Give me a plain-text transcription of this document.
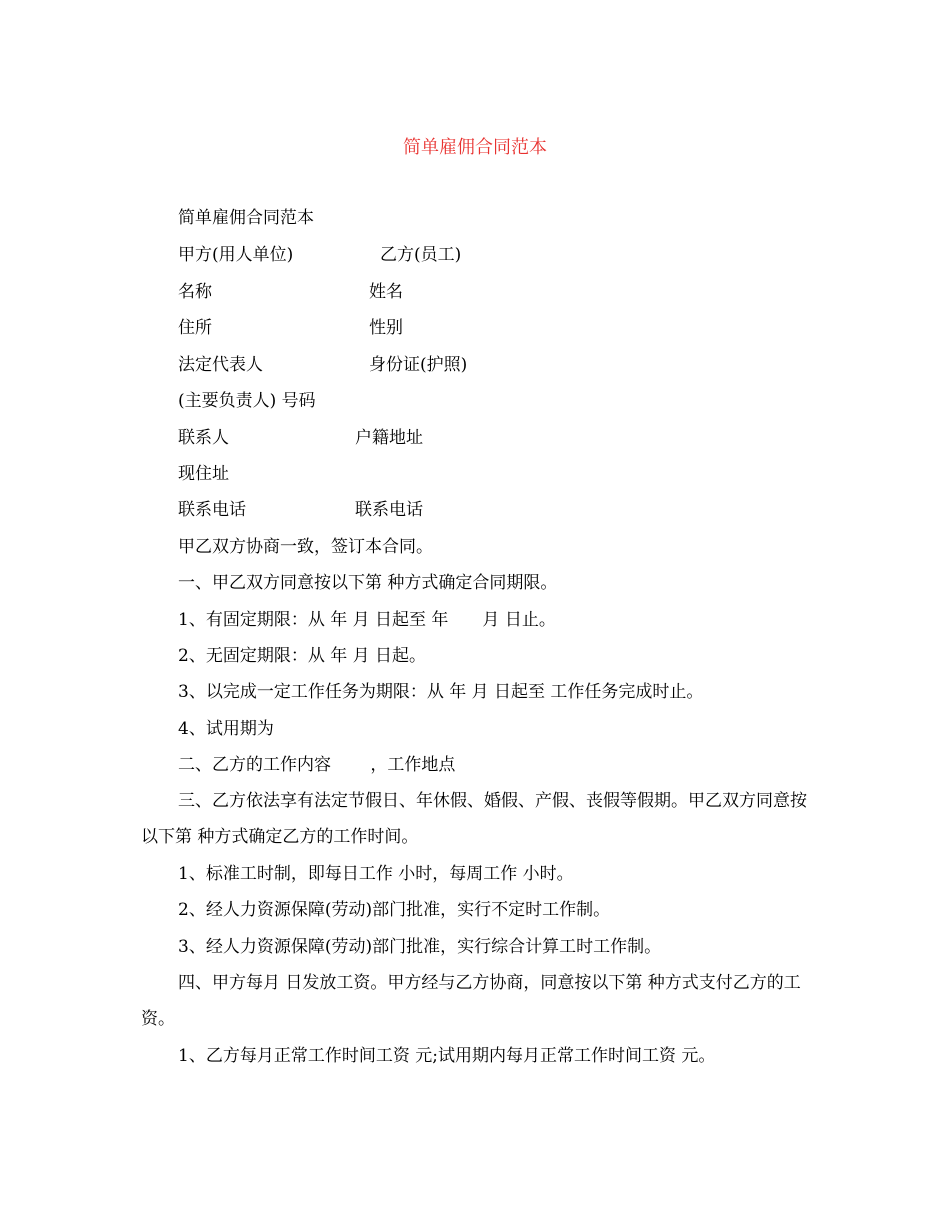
简单雇佣合同范本
简单雇佣合同范本
甲方(用人单位)	乙方(员工)
名称	姓名
住所	性别
法定代表人	身份证(护照)
(主要负责人) 号码
联系人	户籍地址
现住址
联系电话	联系电话
甲乙双方协商一致，签订本合同。
一、甲乙双方同意按以下第 种方式确定合同期限。
1、有固定期限：从 年 月 日起至 年　　月 日止。
2、无固定期限：从 年 月 日起。
3、以完成一定工作任务为期限：从 年 月 日起至 工作任务完成时止。
4、试用期为
二、乙方的工作内容　　 ，工作地点
三、乙方依法享有法定节假日、年休假、婚假、产假、丧假等假期。甲乙双方同意按以下第 种方式确定乙方的工作时间。
1、标准工时制，即每日工作 小时，每周工作 小时。
2、经人力资源保障(劳动)部门批准，实行不定时工作制。
3、经人力资源保障(劳动)部门批准，实行综合计算工时工作制。
四、甲方每月 日发放工资。甲方经与乙方协商，同意按以下第 种方式支付乙方的工资。
1、乙方每月正常工作时间工资 元;试用期内每月正常工作时间工资 元。
